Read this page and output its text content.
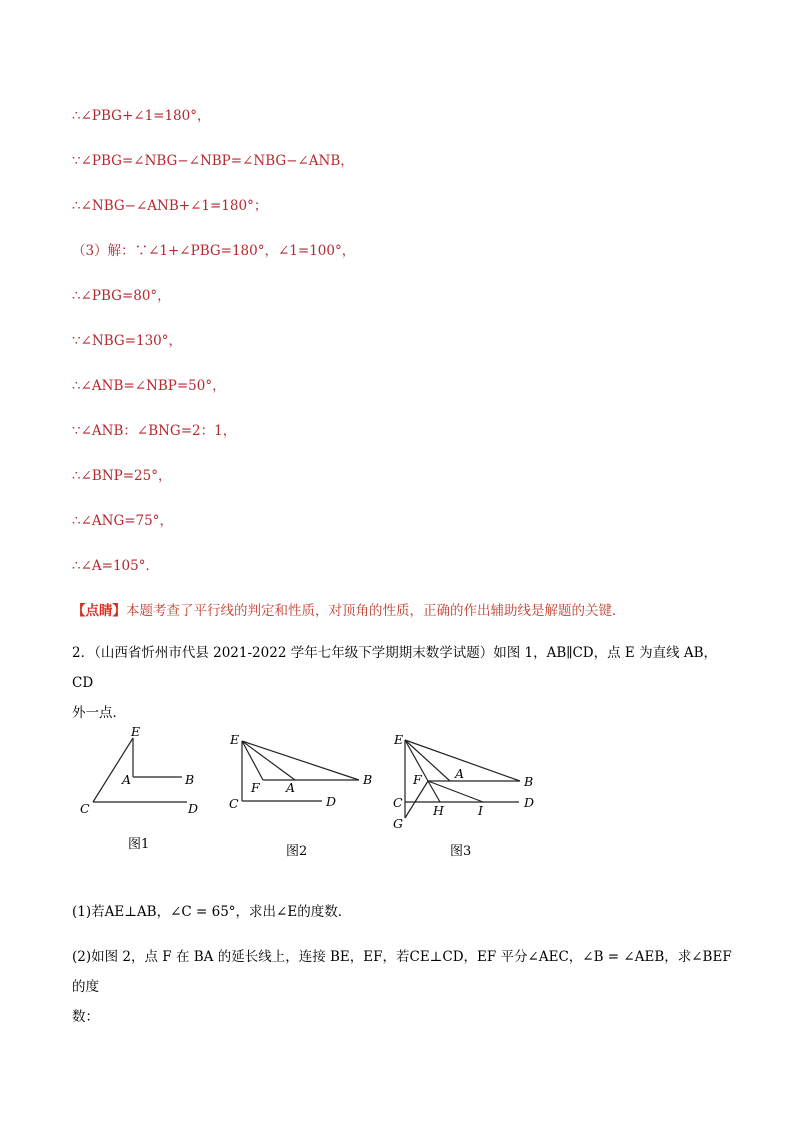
∴∠PBG+∠1=180°，
∵∠PBG=∠NBG−∠NBP=∠NBG−∠ANB，
∴∠NBG−∠ANB+∠1=180°；
（3）解：∵∠1+∠PBG=180°，∠1=100°，
∴∠PBG=80°，
∵∠NBG=130°，
∴∠ANB=∠NBP=50°，
∵∠ANB：∠BNG=2：1，
∴∠BNP=25°，
∴∠ANG=75°，
∴∠A=105°．
【点睛】本题考查了平行线的判定和性质，对顶角的性质，正确的作出辅助线是解题的关键．
2．（山西省忻州市代县 2021-2022 学年七年级下学期期末数学试题）如图 1，AB∥CD，点 E 为直线 AB，CD
外一点．
E
A	B
C	D
E
F A
B
C	D
E
F	A
B
C
H	I
D
G
图1	图2	图3
(1)若AE⊥AB，∠C = 65°，求出∠E的度数．
(2)如图 2，点 F 在 BA 的延长线上，连接 BE，EF，若CE⊥CD，EF 平分∠AEC，∠B = ∠AEB，求∠BEF的度
数：
